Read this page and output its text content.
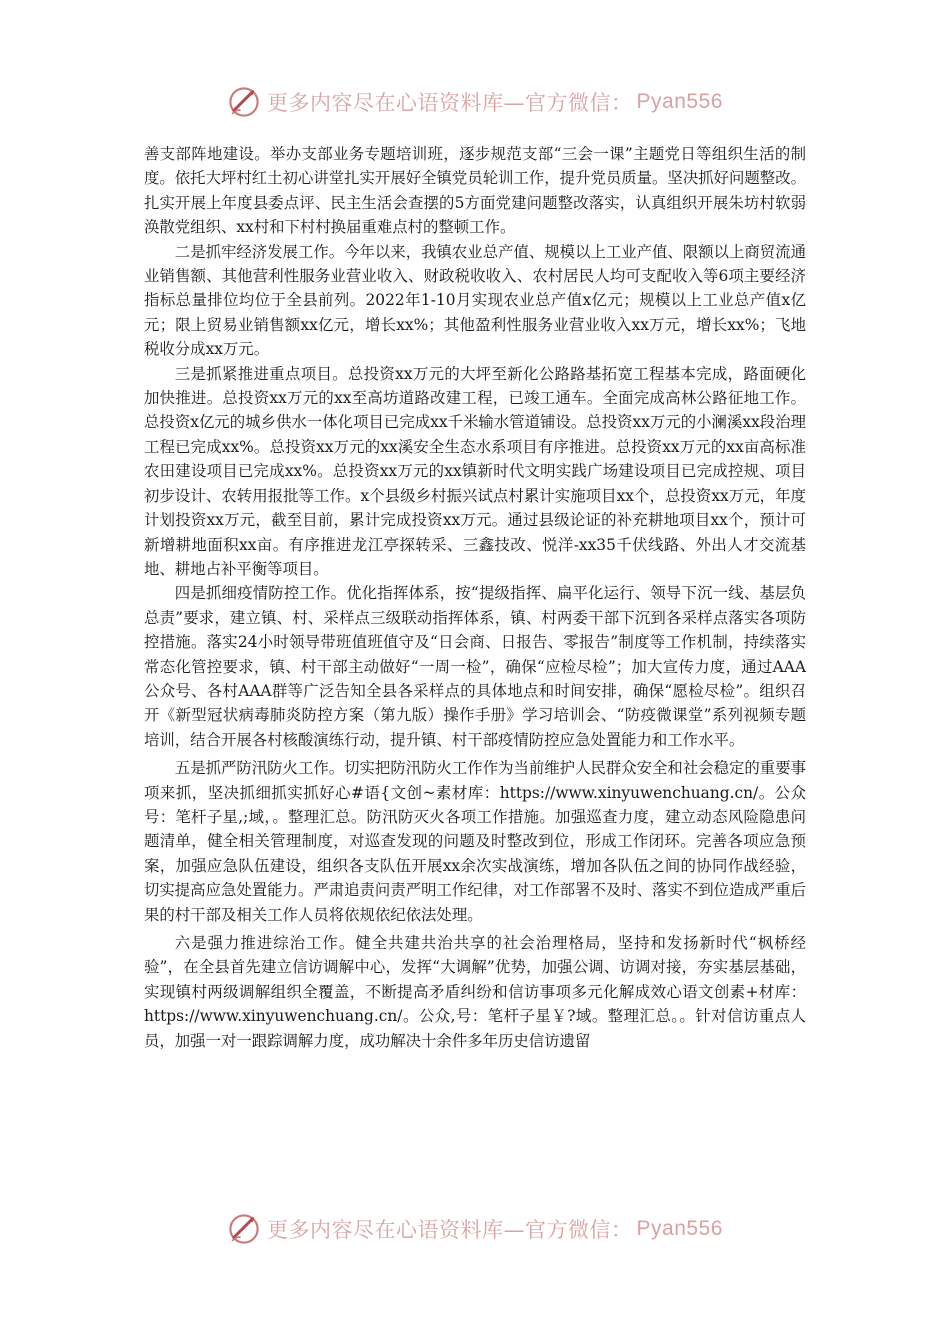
更多内容尽在心语资料库—官方微信： Pyan556

善支部阵地建设。举办支部业务专题培训班，逐步规范支部“三会一课”主题党日等组织生活的制度。依托大坪村红土初心讲堂扎实开展好全镇党员轮训工作，提升党员质量。坚决抓好问题整改。扎实开展上年度县委点评、民主生活会查摆的5方面党建问题整改落实，认真组织开展朱坊村软弱涣散党组织、xx村和下村村换届重难点村的整顿工作。

二是抓牢经济发展工作。今年以来，我镇农业总产值、规模以上工业产值、限额以上商贸流通业销售额、其他营利性服务业营业收入、财政税收收入、农村居民人均可支配收入等6项主要经济指标总量排位均位于全县前列。2022年1-10月实现农业总产值x亿元；规模以上工业总产值x亿元；限上贸易业销售额xx亿元，增长xx%；其他盈利性服务业营业收入xx万元，增长xx%；飞地税收分成xx万元。

三是抓紧推进重点项目。总投资xx万元的大坪至新化公路路基拓宽工程基本完成，路面硬化加快推进。总投资xx万元的xx至高坊道路改建工程，已竣工通车。全面完成高林公路征地工作。总投资x亿元的城乡供水一体化项目已完成xx千米输水管道铺设。总投资xx万元的小澜溪xx段治理工程已完成xx%。总投资xx万元的xx溪安全生态水系项目有序推进。总投资xx万元的xx亩高标准农田建设项目已完成xx%。总投资xx万元的xx镇新时代文明实践广场建设项目已完成控规、项目初步设计、农转用报批等工作。x个县级乡村振兴试点村累计实施项目xx个，总投资xx万元，年度计划投资xx万元，截至目前，累计完成投资xx万元。通过县级论证的补充耕地项目xx个，预计可新增耕地面积xx亩。有序推进龙江亭探转采、三鑫技改、悦洋-xx35千伏线路、外出人才交流基地、耕地占补平衡等项目。

四是抓细疫情防控工作。优化指挥体系，按“提级指挥、扁平化运行、领导下沉一线、基层负总责”要求，建立镇、村、采样点三级联动指挥体系，镇、村两委干部下沉到各采样点落实各项防控措施。落实24小时领导带班值班值守及“日会商、日报告、零报告”制度等工作机制，持续落实常态化管控要求，镇、村干部主动做好“一周一检”，确保“应检尽检”；加大宣传力度，通过AAA公众号、各村AAA群等广泛告知全县各采样点的具体地点和时间安排，确保“愿检尽检”。组织召开《新型冠状病毒肺炎防控方案（第九版）操作手册》学习培训会、“防疫微课堂”系列视频专题培训，结合开展各村核酸演练行动，提升镇、村干部疫情防控应急处置能力和工作水平。

五是抓严防汛防火工作。切实把防汛防火工作作为当前维护人民群众安全和社会稳定的重要事项来抓，坚决抓细抓实抓好心#语{文创~素材库：https://www.xinyuwenchuang.cn/。公众号：笔杆子星,;域，。整理汇总。防汛防灭火各项工作措施。加强巡查力度，建立动态风险隐患问题清单，健全相关管理制度，对巡查发现的问题及时整改到位，形成工作闭环。完善各项应急预案，加强应急队伍建设，组织各支队伍开展xx余次实战演练，增加各队伍之间的协同作战经验，切实提高应急处置能力。严肃追责问责严明工作纪律，对工作部署不及时、落实不到位造成严重后果的村干部及相关工作人员将依规依纪依法处理。

六是强力推进综治工作。健全共建共治共享的社会治理格局，坚持和发扬新时代“枫桥经验”，在全县首先建立信访调解中心，发挥“大调解”优势，加强公调、访调对接，夯实基层基础，实现镇村两级调解组织全覆盖，不断提高矛盾纠纷和信访事项多元化解成效心语文创素+材库：https://www.xinyuwenchuang.cn/。公众,号：笔杆子星￥?域。整理汇总。。针对信访重点人员，加强一对一跟踪调解力度，成功解决十余件多年历史信访遗留

更多内容尽在心语资料库—官方微信： Pyan556
